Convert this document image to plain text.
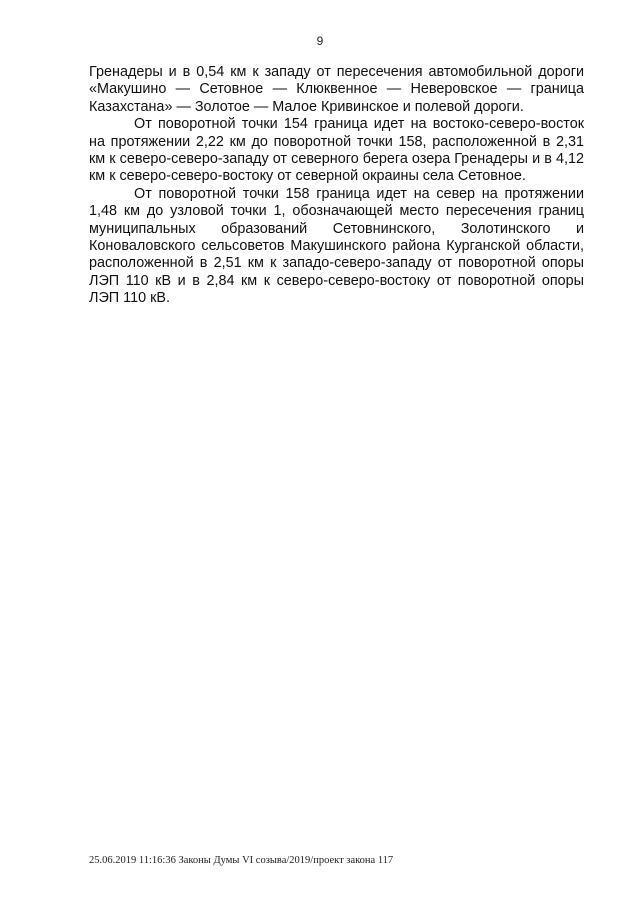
9

Гренадеры и в 0,54 км к западу от пересечения автомобильной дороги «Макушино — Сетовное — Клюквенное — Неверовское — граница Казахстана» — Золотое — Малое Кривинское и полевой дороги.

От поворотной точки 154 граница идет на востоко-северо-восток на протяжении 2,22 км до поворотной точки 158, расположенной в 2,31 км к северо-северо-западу от северного берега озера Гренадеры и в 4,12 км к северо-северо-востоку от северной окраины села Сетовное.

От поворотной точки 158 граница идет на север на протяжении 1,48 км до узловой точки 1, обозначающей место пересечения границ муниципальных образований Сетовнинского, Золотинского и Коноваловского сельсоветов Макушинского района Курганской области, расположенной в 2,51 км к западо-северо-западу от поворотной опоры ЛЭП 110 кВ и в 2,84 км к северо-северо-востоку от поворотной опоры ЛЭП 110 кВ.

25.06.2019 11:16:36 Законы Думы VI созыва/2019/проект закона 117
